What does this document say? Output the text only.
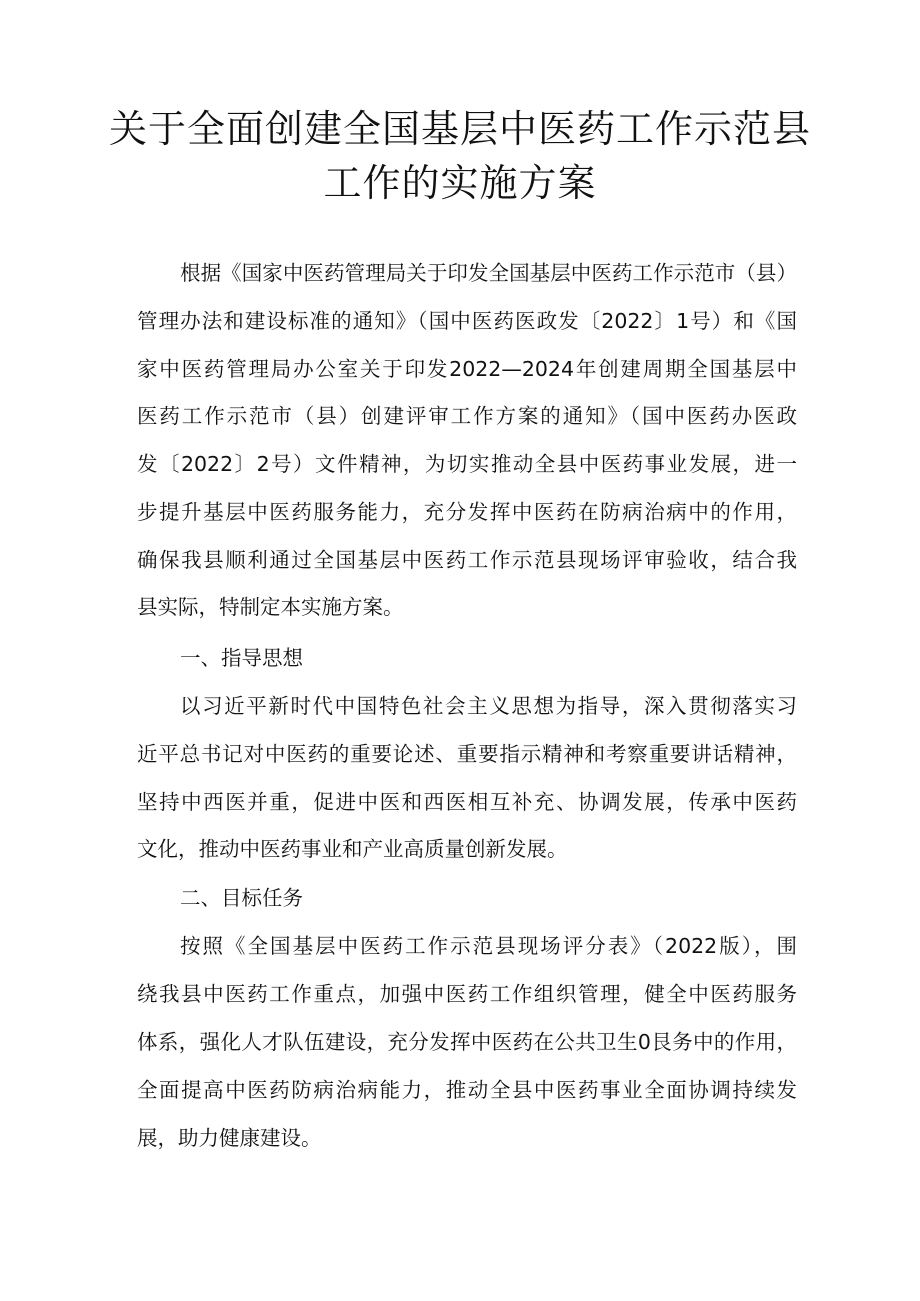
关于全面创建全国基层中医药工作示范县
工作的实施方案
根据《国家中医药管理局关于印发全国基层中医药工作示范市（县）
管理办法和建设标准的通知》（国中医药医政发〔2022〕1号）和《国
家中医药管理局办公室关于印发2022—2024年创建周期全国基层中
医药工作示范市（县）创建评审工作方案的通知》（国中医药办医政
发〔2022〕2号）文件精神，为切实推动全县中医药事业发展，进一
步提升基层中医药服务能力，充分发挥中医药在防病治病中的作用，
确保我县顺利通过全国基层中医药工作示范县现场评审验收，结合我
县实际，特制定本实施方案。
一、指导思想
以习近平新时代中国特色社会主义思想为指导，深入贯彻落实习
近平总书记对中医药的重要论述、重要指示精神和考察重要讲话精神，
坚持中西医并重，促进中医和西医相互补充、协调发展，传承中医药
文化，推动中医药事业和产业高质量创新发展。
二、目标任务
按照《全国基层中医药工作示范县现场评分表》（2022版），围
绕我县中医药工作重点，加强中医药工作组织管理，健全中医药服务
体系，强化人才队伍建设，充分发挥中医药在公共卫生0艮务中的作用，
全面提高中医药防病治病能力，推动全县中医药事业全面协调持续发
展，助力健康建设。
